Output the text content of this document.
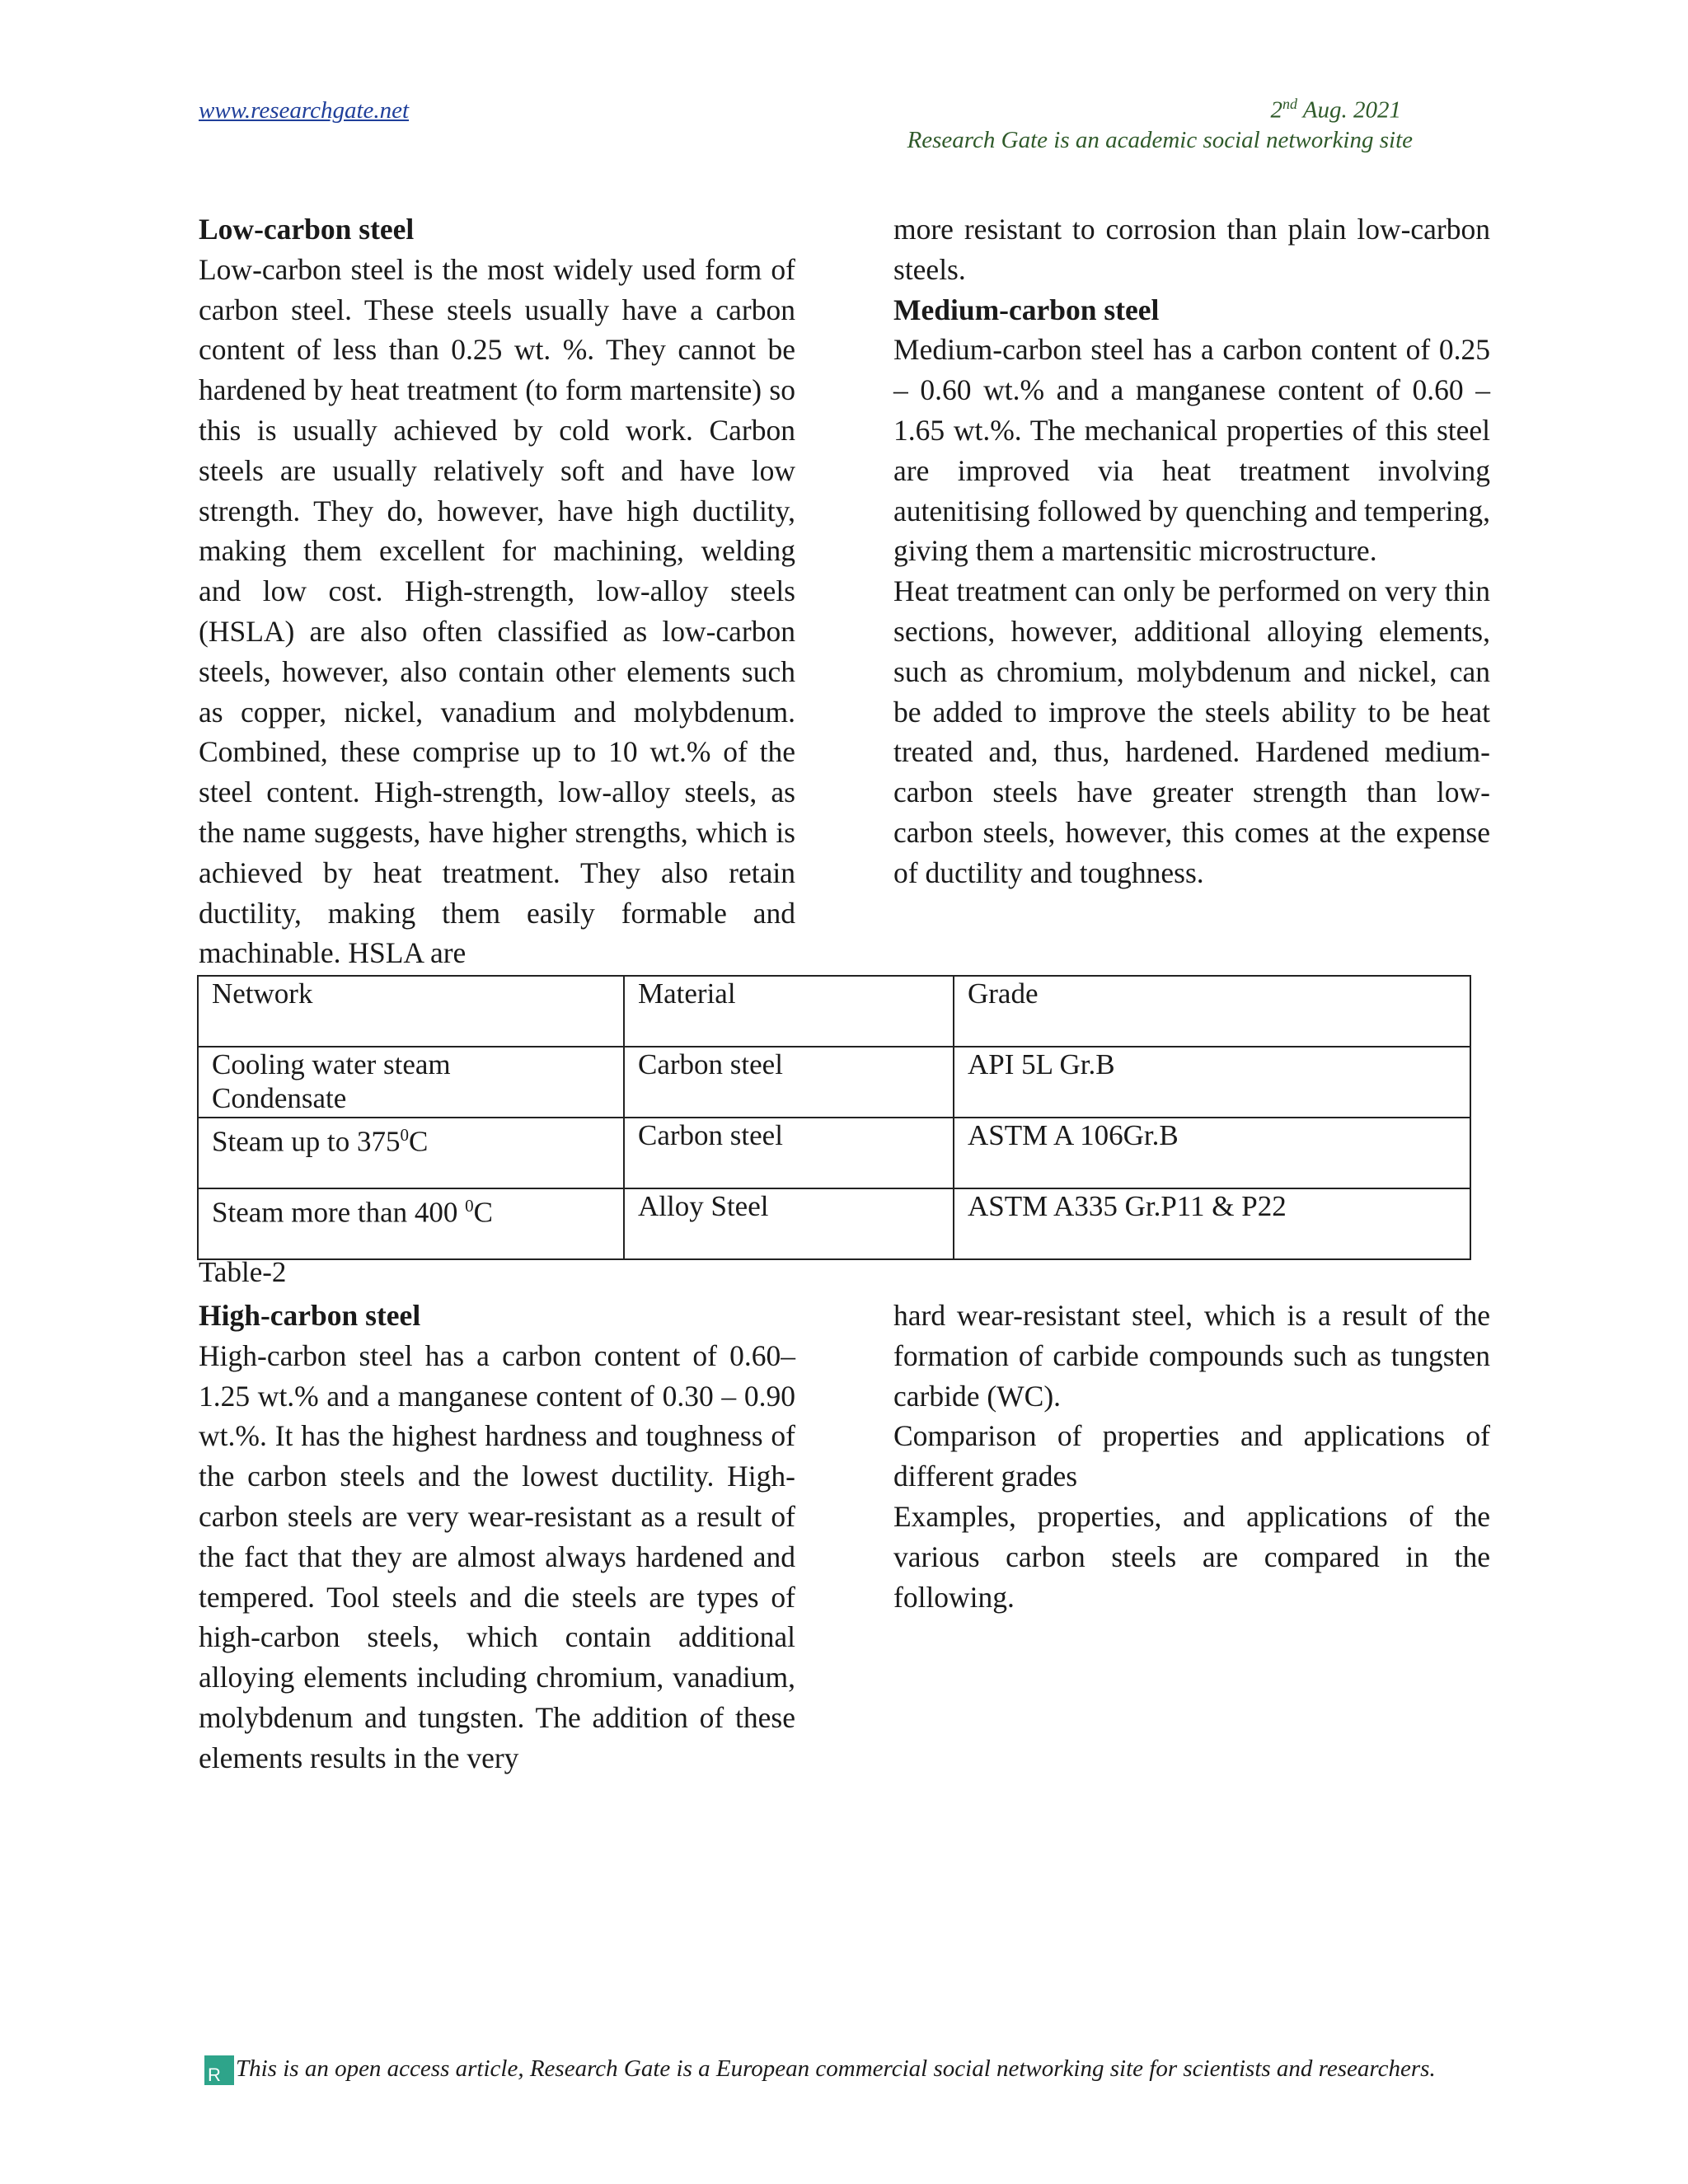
www.researchgate.net	2nd Aug. 2021
Research Gate is an academic social networking site

Low-carbon steel

Low-carbon steel is the most widely used form of carbon steel. These steels usually have a carbon content of less than 0.25 wt. %. They cannot be hardened by heat treatment (to form martensite) so this is usually achieved by cold work. Carbon steels are usually relatively soft and have low strength. They do, however, have high ductility, making them excellent for machining, welding and low cost. High-strength, low-alloy steels (HSLA) are also often classified as low-carbon steels, however, also contain other elements such as copper, nickel, vanadium and molybdenum. Combined, these comprise up to 10 wt.% of the steel content. High-strength, low-alloy steels, as the name suggests, have higher strengths, which is achieved by heat treatment. They also retain ductility, making them easily formable and machinable. HSLA are

more resistant to corrosion than plain low-carbon steels.

Medium-carbon steel

Medium-carbon steel has a carbon content of 0.25 – 0.60 wt.% and a manganese content of 0.60 – 1.65 wt.%. The mechanical properties of this steel are improved via heat treatment involving autenitising followed by quenching and tempering, giving them a martensitic microstructure.

Heat treatment can only be performed on very thin sections, however, additional alloying elements, such as chromium, molybdenum and nickel, can be added to improve the steels ability to be heat treated and, thus, hardened. Hardened medium-carbon steels have greater strength than low-carbon steels, however, this comes at the expense of ductility and toughness.

Network	Material	Grade
Cooling water steam
Condensate	Carbon steel	API 5L Gr.B
Steam up to $375^0C$	Carbon steel	ASTM A 106Gr.B
Steam more than 400 $^0$C	Alloy Steel	ASTM A335 Gr.P11 & P22
Table-2

High-carbon steel

High-carbon steel has a carbon content of 0.60–1.25 wt.% and a manganese content of 0.30 – 0.90 wt.%. It has the highest hardness and toughness of the carbon steels and the lowest ductility. High-carbon steels are very wear-resistant as a result of the fact that they are almost always hardened and tempered. Tool steels and die steels are types of high-carbon steels, which contain additional alloying elements including chromium, vanadium, molybdenum and tungsten. The addition of these elements results in the very

hard wear-resistant steel, which is a result of the formation of carbide compounds such as tungsten carbide (WC).

Comparison of properties and applications of different grades

Examples, properties, and applications of the various carbon steels are compared in the following.

R This is an open access article, Research Gate is a European commercial social networking site for scientists and researchers.
